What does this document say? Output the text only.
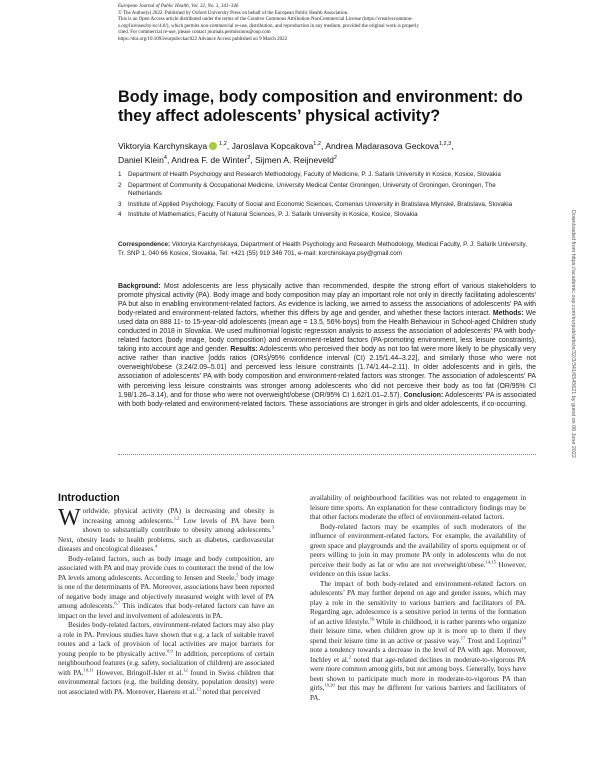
European Journal of Public Health, Vol. 32, No. 3, 341–346
© The Author(s) 2022. Published by Oxford University Press on behalf of the European Public Health Association.
This is an Open Access article distributed under the terms of the Creative Commons Attribution-NonCommercial License (https://creativecommon-
s.org/licenses/by-nc/4.0/), which permits non-commercial re-use, distribution, and reproduction in any medium, provided the original work is properly
cited. For commercial re-use, please contact journals.permissions@oup.com
https://doi.org/10.1093/eurpub/ckac022 Advance Access published on 9 March 2022
Body image, body composition and environment: do they affect adolescents’ physical activity?
Viktoryia Karchynskaya $^{1,2}$, Jaroslava Kopcakova$^{1,2}$, Andrea Madarasova Geckova$^{1,2,3}$,
Daniel Klein$^4$, Andrea F. de Winter$^2$, Sijmen A. Reijneveld$^2$
1 Department of Health Psychology and Research Methodology, Faculty of Medicine, P. J. Safarik University in Kosice, Kosice, Slovakia
2 Department of Community & Occupational Medicine, University Medical Center Groningen, University of Groningen, Groningen, The Netherlands
3 Institute of Applied Psychology, Faculty of Social and Economic Sciences, Comenius University in Bratislava Mlynské, Bratislava, Slovakia
4 Institute of Mathematics, Faculty of Natural Sciences, P. J. Safarik University in Kosice, Kosice, Slovakia
Correspondence: Viktoryia Karchynskaya, Department of Health Psychology and Research Methodology, Medical Faculty, P. J. Safarik University, Tr. SNP 1, 040 66 Kosice, Slovakia, Tel: +421 (55) 919 346 701, e-mail: korchinskaya.psy@gmail.com
Background: Most adolescents are less physically active than recommended, despite the strong effort of various stakeholders to promote physical activity (PA). Body image and body composition may play an important role not only in directly facilitating adolescents’ PA but also in enabling environment-related factors. As evidence is lacking, we aimed to assess the associations of adolescents’ PA with body-related and environment-related factors, whether this differs by age and gender, and whether these factors interact. Methods: We used data on 888 11- to 15-year-old adolescents (mean age = 13.5, 56% boys) from the Health Behaviour in School-aged Children study conducted in 2018 in Slovakia. We used multinomial logistic regression analysis to assess the association of adolescents’ PA with body-related factors (body image, body composition) and environment-related factors (PA-promoting environment, less leisure constraints), taking into account age and gender. Results: Adolescents who perceived their body as not too fat were more likely to be physically very active rather than inactive [odds ratios (ORs)/95% confidence interval (CI) 2.15/1.44–3.22], and similarly those who were not overweight/obese (3.24/2.09–5.01) and perceived less leisure constraints (1.74/1.44–2.11). In older adolescents and in girls, the association of adolescents’ PA with body composition and environment-related factors was stronger. The association of adolescents’ PA with perceiving less leisure constraints was stronger among adolescents who did not perceive their body as too fat (OR/95% CI 1.98/1.26–3.14), and for those who were not overweight/obese (OR/95% CI 1.62/1.01–2.57). Conclusion: Adolescents’ PA is associated with both body-related and environment-related factors. These associations are stronger in girls and older adolescents, if co-occurring.
Introduction

Worldwide, physical activity (PA) is decreasing and obesity is increasing among adolescents.$^{1,2}$ Low levels of PA have been shown to substantially contribute to obesity among adolescents.$^3$ Next, obesity leads to health problems, such as diabetes, cardiovascular diseases and oncological diseases.$^4$

Body-related factors, such as body image and body composition, are associated with PA and may provide cues to counteract the trend of the low PA levels among adolescents. According to Jensen and Steele,$^5$ body image is one of the determinants of PA. Moreover, associations have been reported of negative body image and objectively measured weight with level of PA among adolescents.$^{6,7}$ This indicates that body-related factors can have an impact on the level and involvement of adolescents in PA.

Besides body-related factors, environment-related factors may also play a role in PA. Previous studies have shown that e.g. a lack of suitable travel routes and a lack of provision of local activities are major barriers for young people to be physically active.$^{8,9}$ In addition, perceptions of certain neighbourhood features (e.g. safety, socialization of children) are associated with PA.$^{10,11}$ However, Bringolf-Isler et al.$^{12}$ found in Swiss children that environmental factors (e.g. the building density, population density) were not associated with PA. Moreover, Haerens et al.$^{13}$ noted that perceived

availability of neighbourhood facilities was not related to engagement in leisure time sports. An explanation for these contradictory findings may be that other factors moderate the effect of environment-related factors.

Body-related factors may be examples of such moderators of the influence of environment-related factors. For example, the availability of green space and playgrounds and the availability of sports equipment or of peers willing to join in may promote PA only in adolescents who do not perceive their body as fat or who are not overweight/obese.$^{14,15}$ However, evidence on this issue lacks.

The impact of both body-related and environment-related factors on adolescents’ PA may further depend on age and gender issues, which may play a role in the sensitivity to various barriers and facilitators of PA. Regarding age, adolescence is a sensitive period in terms of the formation of an active lifestyle.$^{16}$ While in childhood, it is rather parents who organize their leisure time, when children grow up it is more up to them if they spend their leisure time in an active or passive way.$^{17}$ Trost and Loprinzi$^{18}$ note a tendency towards a decrease in the level of PA with age. Moreover, Inchley et al.$^2$ noted that age-related declines in moderate-to-vigorous PA were more common among girls, but not among boys. Generally, boys have been shown to participate much more in moderate-to-vigorous PA than girls,$^{19,20}$ but this may be different for various barriers and facilitators of PA.

Downloaded from https://academic.oup.com/eurpub/article/32/3/341/6545621 by guest on 06 June 2022
